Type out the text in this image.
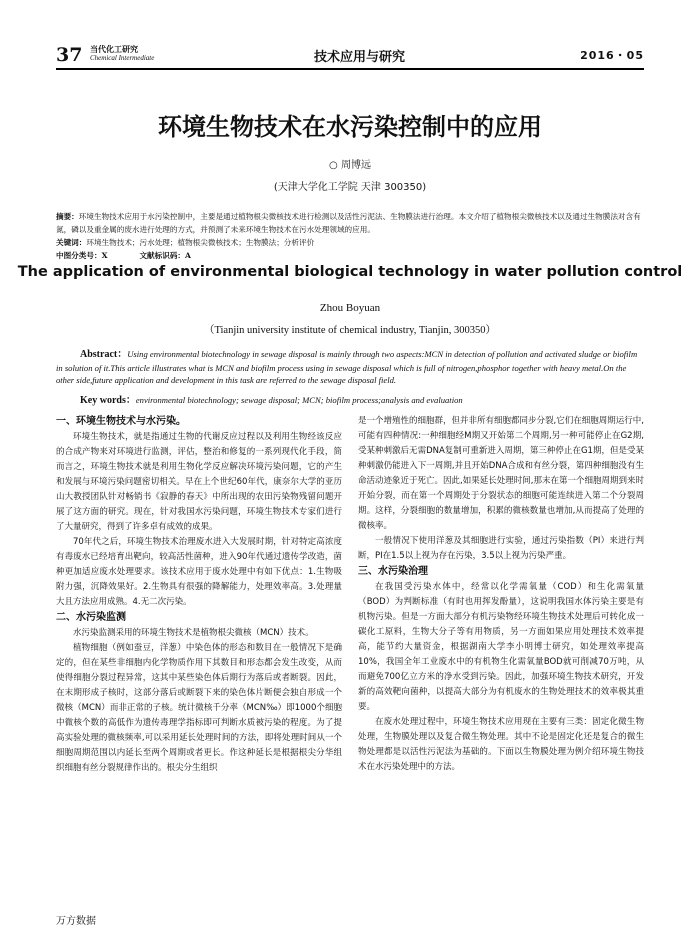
37 当代化工研究
Chemical Intermediate	技术应用与研究	2016・05
环境生物技术在水污染控制中的应用
○ 周博远
(天津大学化工学院 天津 300350)
摘要：环境生物技术应用于水污染控制中，主要是通过植物根尖微核技术进行检测以及活性污泥法、生物膜法进行治理。本文介绍了植物根尖微核技术以及通过生物膜法对含有氮，磷以及重金属的废水进行处理的方式，并预测了未来环境生物技术在污水处理领域的应用。
关键词：环境生物技术；污水处理；植物根尖微核技术；生物膜法；分析评价
中图分类号：X	文献标识码：A
The application of environmental biological technology in water pollution control
Zhou Boyuan
（Tianjin university institute of chemical industry, Tianjin, 300350）
Abstract：Using environmental biotechnology in sewage disposal is mainly through two aspects:MCN in detection of pollution and activated sludge or biofilm in solution of it.This article illustrates what is MCN and biofilm process using in sewage disposal which is full of nitrogen,phosphor together with heavy metal.On the other side,future application and development in this task are referred to the sewage disposal field.
Key words：environmental biotechnology; sewage disposal; MCN; biofilm process;analysis and evaluation
一、环境生物技术与水污染。

环境生物技术，就是指通过生物的代谢反应过程以及利用生物经该反应的合成产物来对环境进行监测，评估，整治和修复的一系列现代化手段，简而言之，环境生物技术就是利用生物化学反应解决环境污染问题，它的产生和发展与环境污染问题密切相关。早在上个世纪60年代，康奈尔大学的亚历山大教授团队针对畅销书《寂静的春天》中所出现的农田污染物残留问题开展了这方面的研究。现在，针对我国水污染问题，环境生物技术专家们进行了大量研究，得到了许多卓有成效的成果。

70年代之后，环境生物技术治理废水进入大发展时期，针对特定高浓度有毒废水已经培育出靶向，较高活性菌种，进入90年代通过遗传学改造，菌种更加适应废水处理要求。该技术应用于废水处理中有如下优点：1.生物吸附力强，沉降效果好。2.生物具有很强的降解能力，处理效率高。3.处理量大且方法应用成熟。4.无二次污染。

二、水污染监测

水污染监测采用的环境生物技术是植物根尖微核（MCN）技术。

植物细胞（例如蚕豆，洋葱）中染色体的形态和数目在一般情况下是确定的，但在某些非细胞内化学物质作用下其数目和形态都会发生改变，从而使得细胞分裂过程异常，这其中某些染色体后期行为落后或者断裂。因此，在末期形成子核时，这部分落后或断裂下来的染色体片断便会独自形成一个微核（MCN）而非正常的子核。统计微核千分率（MCN‰）即1000个细胞中微核个数的高低作为遗传毒理学指标即可判断水质被污染的程度。为了提高实验处理的微核频率,可以采用延长处理时间的方法，即将处理时间从一个细胞周期范围以内延长至两个周期或者更长。作这种延长是根据根尖分华组织细胞有丝分裂规律作出的。根尖分生组织

是一个增殖性的细胞群，但并非所有细胞都同步分裂,它们在细胞周期运行中,可能有四种情况:一种细胞经M期又开始第二个周期,另一种可能停止在G2期,受某种刺激后无需DNA复制可重新进入周期，第三种停止在G1期，但是受某种刺激仍能进入下一周期,并且开始DNA合成和有丝分裂，第四种细胞没有生命活动迹象近于死亡。因此,如果延长处理时间,那末在第一个细胞周期到来时开始分裂，而在第一个周期处于分裂状态的细胞可能连续进入第二个分裂周期。这样，分裂细胞的数量增加，积累的微核数量也增加,从而提高了处理的微核率。

一般情况下使用洋葱及其细胞进行实验，通过污染指数（PI）来进行判断，PI在1.5以上视为存在污染，3.5以上视为污染严重。

三、水污染治理

在我国受污染水体中，经常以化学需氧量（COD）和生化需氧量（BOD）为判断标准（有时也用挥发酚量），这说明我国水体污染主要是有机物污染。但是一方面大部分有机污染物经环境生物技术处理后可转化成一碳化工原料，生物大分子等有用物质，另一方面如果应用处理技术效率提高，能节约大量资金，根据湖南大学李小明博士研究，如处理效率提高10%，我国全年工业废水中的有机物生化需氧量BOD就可削减70万吨，从而避免700亿立方米的净水受到污染。因此，加强环境生物技术研究，开发新的高效靶向菌种，以提高大部分为有机废水的生物处理技术的效率极其重要。

在废水处理过程中，环境生物技术应用现在主要有三类：固定化微生物处理，生物膜处理以及复合微生物处理。其中不论是固定化还是复合的微生物处理都是以活性污泥法为基础的。下面以生物膜处理为例介绍环境生物技术在水污染处理中的方法。

万方数据
